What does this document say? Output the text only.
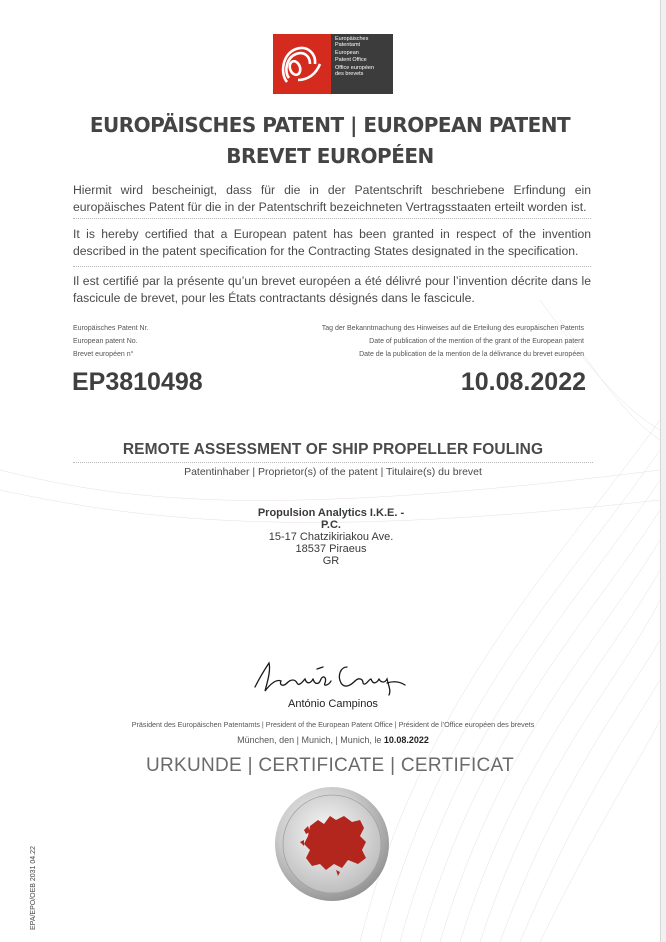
Europäisches
Patentamt
European
Patent Office
Office européen
des brevets
EUROPÄISCHES PATENT | EUROPEAN PATENT
BREVET EUROPÉEN
Hiermit wird bescheinigt, dass für die in der Patentschrift beschriebene Erfindung ein europäisches Patent für die in der Patentschrift bezeichneten Vertragsstaaten erteilt worden ist.
It is hereby certified that a European patent has been granted in respect of the invention described in the patent specification for the Contracting States designated in the specification.
Il est certifié par la présente qu’un brevet européen a été délivré pour l’invention décrite dans le fascicule de brevet, pour les États contractants désignés dans le fascicule.
Europäisches Patent Nr.
European patent No.
Brevet européen n°
Tag der Bekanntmachung des Hinweises auf die Erteilung des europäischen Patents
Date of publication of the mention of the grant of the European patent
Date de la publication de la mention de la délivrance du brevet européen
EP3810498	10.08.2022
REMOTE ASSESSMENT OF SHIP PROPELLER FOULING
Patentinhaber | Proprietor(s) of the patent | Titulaire(s) du brevet
Propulsion Analytics I.K.E. -
P.C.
15-17 Chatzikiriakou Ave.
18537 Piraeus
GR
António Campinos
Präsident des Europäischen Patentamts | President of the European Patent Office | Président de l’Office européen des brevets
München, den | Munich, | Munich, le 10.08.2022
URKUNDE | CERTIFICATE | CERTIFICAT
EPA/EPO/OEB 2031 04.22
